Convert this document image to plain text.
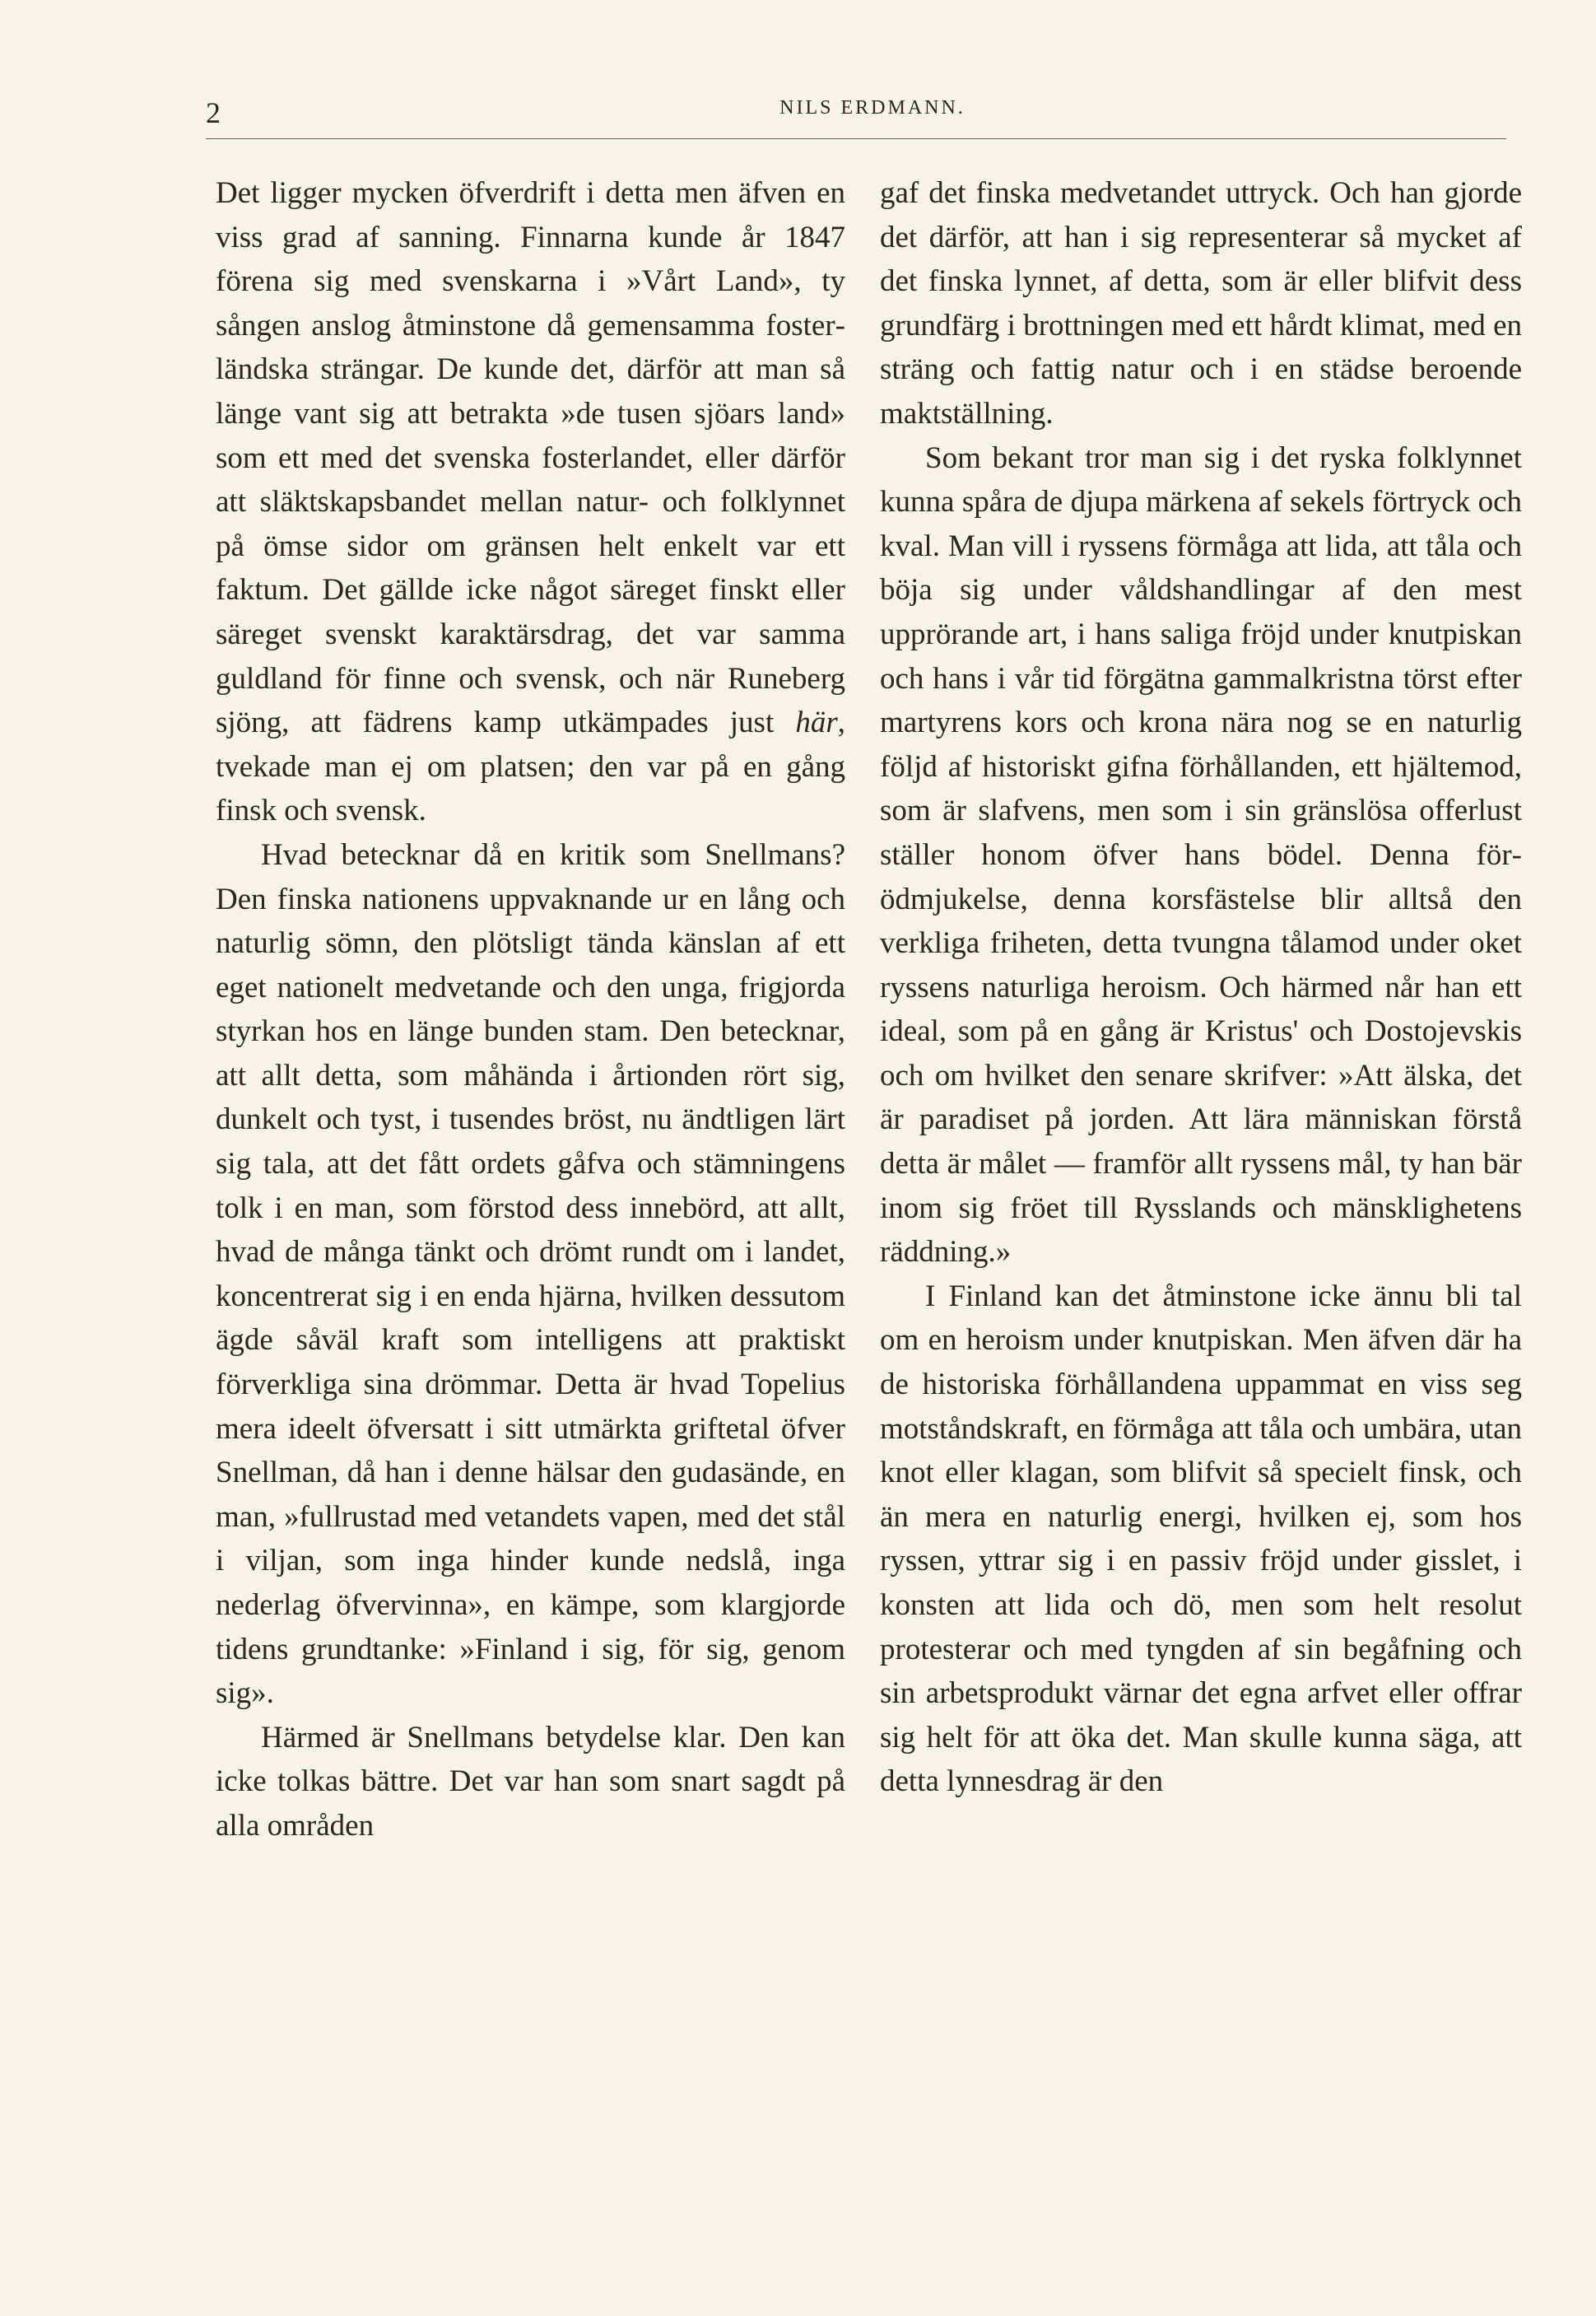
2	NILS ERDMANN.

Det ligger mycken öfverdrift i detta men äfven en viss grad af sanning. Finnarna kunde år 1847 förena sig med svenskarna i »Vårt Land», ty sången anslog åtminstone då gemensamma fosterländska strängar. De kunde det, därför att man så länge vant sig att betrakta »de tusen sjöars land» som ett med det svenska fosterlandet, eller därför att släktskapsbandet mellan natur- och folklynnet på ömse sidor om gränsen helt enkelt var ett faktum. Det gällde icke något säreget finskt eller säreget svenskt karaktärsdrag, det var samma guldland för finne och svensk, och när Runeberg sjöng, att fädrens kamp utkämpades just här, tvekade man ej om platsen; den var på en gång finsk och svensk.

Hvad betecknar då en kritik som Snellmans? Den finska nationens uppvaknande ur en lång och naturlig sömn, den plötsligt tända känslan af ett eget nationelt medvetande och den unga, frigjorda styrkan hos en länge bunden stam. Den betecknar, att allt detta, som måhända i årtionden rört sig, dunkelt och tyst, i tusendes bröst, nu ändtligen lärt sig tala, att det fått ordets gåfva och stämningens tolk i en man, som förstod dess innebörd, att allt, hvad de många tänkt och drömt rundt om i landet, koncentrerat sig i en enda hjärna, hvilken dessutom ägde såväl kraft som intelligens att praktiskt förverkliga sina drömmar. Detta är hvad Topelius mera ideelt öfversatt i sitt utmärkta griftetal öfver Snellman, då han i denne hälsar den gudasände, en man, »fullrustad med vetandets vapen, med det stål i viljan, som inga hinder kunde nedslå, inga nederlag öfvervinna», en kämpe, som klargjorde tidens grundtanke: »Finland i sig, för sig, genom sig».

Härmed är Snellmans betydelse klar. Den kan icke tolkas bättre. Det var han som snart sagdt på alla områden

gaf det finska medvetandet uttryck. Och han gjorde det därför, att han i sig representerar så mycket af det finska lynnet, af detta, som är eller blifvit dess grundfärg i brottningen med ett hårdt klimat, med en sträng och fattig natur och i en städse beroende maktställning.

Som bekant tror man sig i det ryska folklynnet kunna spåra de djupa märkena af sekels förtryck och kval. Man vill i ryssens förmåga att lida, att tåla och böja sig under våldshandlingar af den mest upprörande art, i hans saliga fröjd under knutpiskan och hans i vår tid förgätna gammalkristna törst efter martyrens kors och krona nära nog se en naturlig följd af historiskt gifna förhållanden, ett hjältemod, som är slafvens, men som i sin gränslösa offerlust ställer honom öfver hans bödel. Denna förödmjukelse, denna korsfästelse blir alltså den verkliga friheten, detta tvungna tålamod under oket ryssens naturliga heroism. Och härmed når han ett ideal, som på en gång är Kristus' och Dostojevskis och om hvilket den senare skrifver: »Att älska, det är paradiset på jorden. Att lära människan förstå detta är målet — framför allt ryssens mål, ty han bär inom sig fröet till Rysslands och mänsklighetens räddning.»

I Finland kan det åtminstone icke ännu bli tal om en heroism under knutpiskan. Men äfven där ha de historiska förhållandena uppammat en viss seg motståndskraft, en förmåga att tåla och umbära, utan knot eller klagan, som blifvit så specielt finsk, och än mera en naturlig energi, hvilken ej, som hos ryssen, yttrar sig i en passiv fröjd under gisslet, i konsten att lida och dö, men som helt resolut protesterar och med tyngden af sin begåfning och sin arbetsprodukt värnar det egna arfvet eller offrar sig helt för att öka det. Man skulle kunna säga, att detta lynnesdrag är den
